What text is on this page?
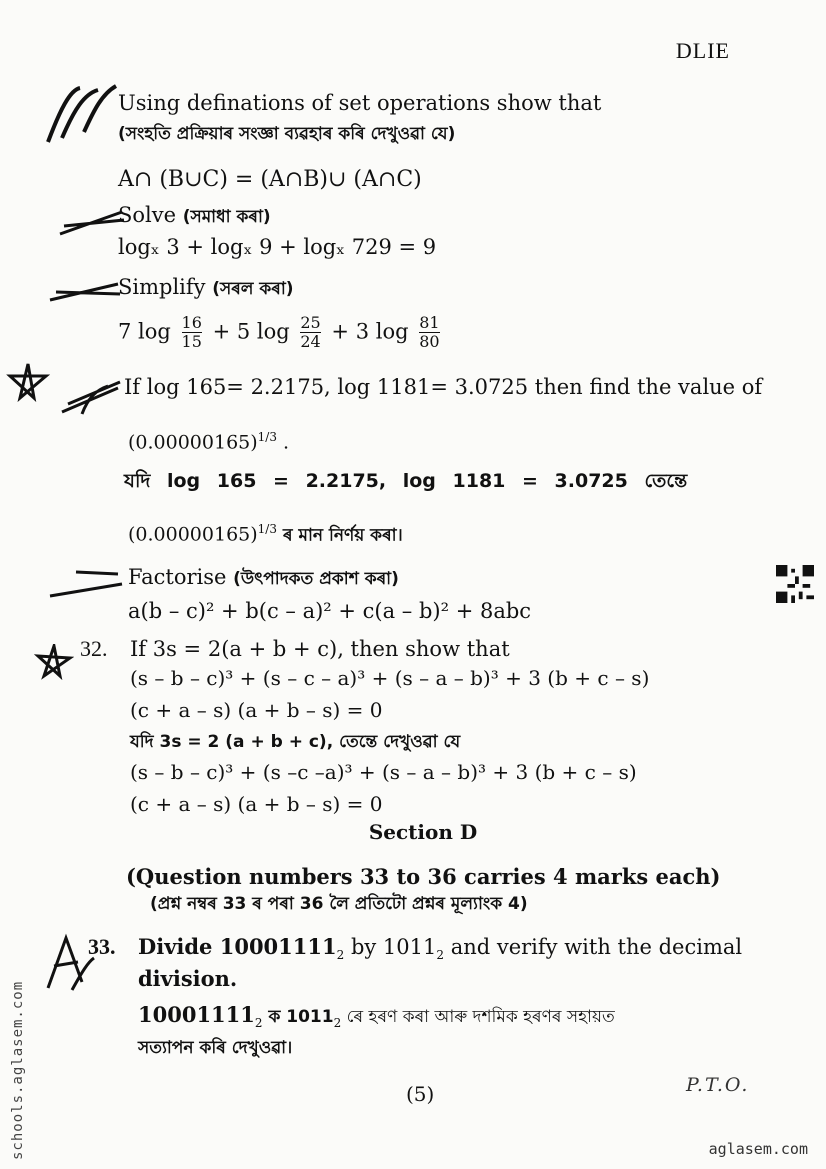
DLIE
Using definations of set operations show that
(সংহতি প্ৰক্ৰিয়াৰ সংজ্ঞা ব্যৱহাৰ কৰি দেখুওৱা যে)
A∩ (B∪C) = (A∩B)∪ (A∩C)
Solve (সমাধা কৰা)
logₓ 3 + logₓ 9 + logₓ 729 = 9
Simplify (সৰল কৰা)
7 $\log \frac{16}{15} + 5$ $\log \frac{25}{24} + 3$ $\log \frac{81}{80}$
If log 165= 2.2175, log 1181= 3.0725 then find the value of
$(0.00000165)^{1/3}$ .
যদি log 165 = 2.2175, log 1181 = 3.0725 তেন্তে
$(0.00000165)^{1/3}$ ৰ মান নিৰ্ণয় কৰা।
Factorise (উৎপাদকত প্ৰকাশ কৰা)
a(b – c)² + b(c – a)² + c(a – b)² + 8abc
32. If 3s = 2(a + b + c), then show that
(s – b – c)³ + (s – c – a)³ + (s – a – b)³ + 3 (b + c – s)
(c + a – s) (a + b – s) = 0
যদি 3s = 2 (a + b + c), তেন্তে দেখুওৱা যে
(s – b – c)³ + (s –c –a)³ + (s – a – b)³ + 3 (b + c – s)
(c + a – s) (a + b – s) = 0
Section D
(Question numbers 33 to 36 carries 4 marks each)
(প্ৰশ্ন নম্বৰ 33 ৰ পৰা 36 লৈ প্ৰতিটো প্ৰশ্নৰ মূল্যাংক 4)
33. Divide $10001111_2$ by $1011_2$ and verify with the decimal
division.
$10001111_2$ ক $1011_2$ ৰে হৰণ কৰা আৰু দশমিক হৰণৰ সহায়ত
সত্যাপন কৰি দেখুওৱা।
(5)	P.T.O.
schools.aglasem.com	aglasem.com
